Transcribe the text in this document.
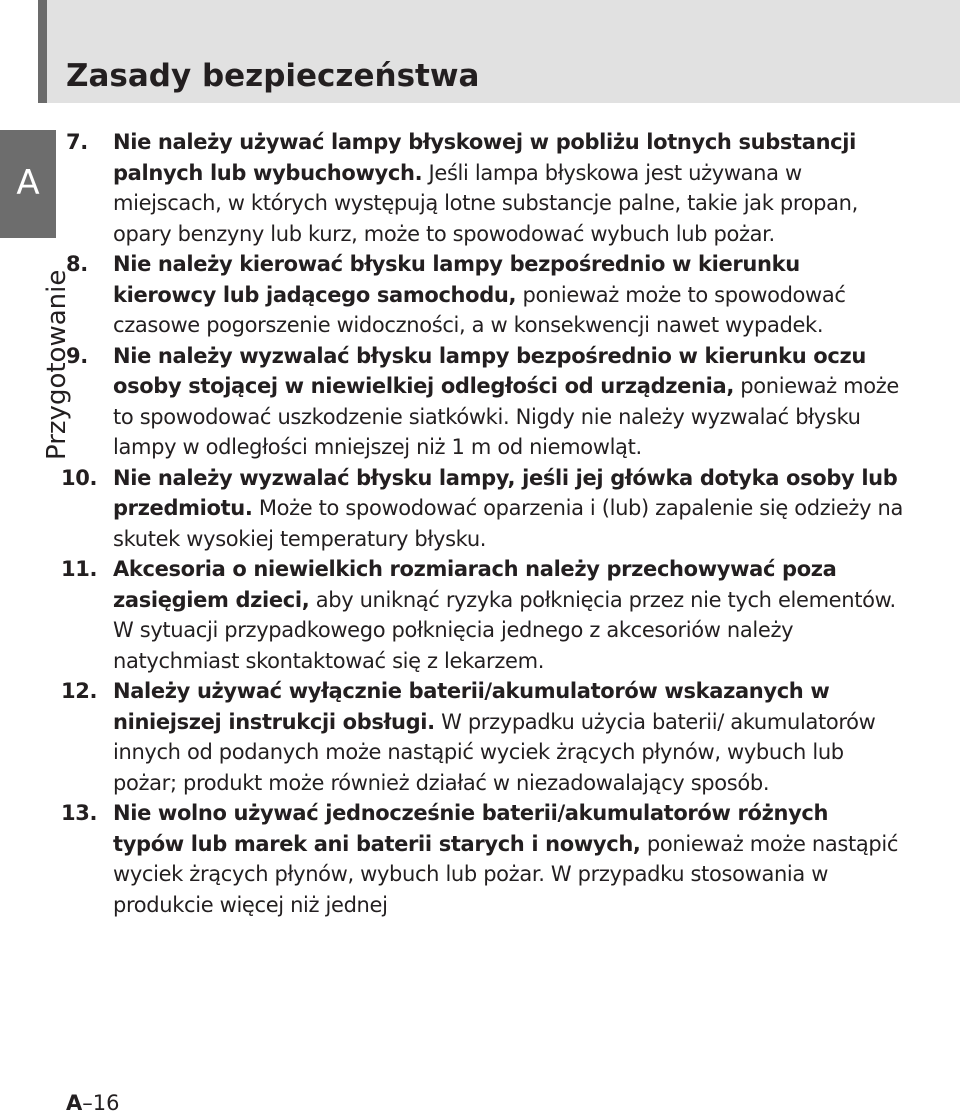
Zasady bezpieczeństwa
A
Przygotowanie
7. Nie należy używać lampy błyskowej w pobliżu lotnych substancji palnych lub wybuchowych. Jeśli lampa błyskowa jest używana w miejscach, w których występują lotne substancje palne, takie jak propan, opary benzyny lub kurz, może to spowodować wybuch lub pożar.
8. Nie należy kierować błysku lampy bezpośrednio w kierunku kierowcy lub jadącego samochodu, ponieważ może to spowodować czasowe pogorszenie widoczności, a w konsekwencji nawet wypadek.
9. Nie należy wyzwalać błysku lampy bezpośrednio w kierunku oczu osoby stojącej w niewielkiej odległości od urządzenia, ponieważ może to spowodować uszkodzenie siatkówki. Nigdy nie należy wyzwalać błysku lampy w odległości mniejszej niż 1 m od niemowląt.
10. Nie należy wyzwalać błysku lampy, jeśli jej główka dotyka osoby lub przedmiotu. Może to spowodować oparzenia i (lub) zapalenie się odzieży na skutek wysokiej temperatury błysku.
11. Akcesoria o niewielkich rozmiarach należy przechowywać poza zasięgiem dzieci, aby uniknąć ryzyka połknięcia przez nie tych elementów. W sytuacji przypadkowego połknięcia jednego z akcesoriów należy natychmiast skontaktować się z lekarzem.
12. Należy używać wyłącznie baterii/akumulatorów wskazanych w niniejszej instrukcji obsługi. W przypadku użycia baterii/ akumulatorów innych od podanych może nastąpić wyciek żrących płynów, wybuch lub pożar; produkt może również działać w niezadowalający sposób.
13. Nie wolno używać jednocześnie baterii/akumulatorów różnych typów lub marek ani baterii starych i nowych, ponieważ może nastąpić wyciek żrących płynów, wybuch lub pożar. W przypadku stosowania w produkcie więcej niż jednej
A–16
